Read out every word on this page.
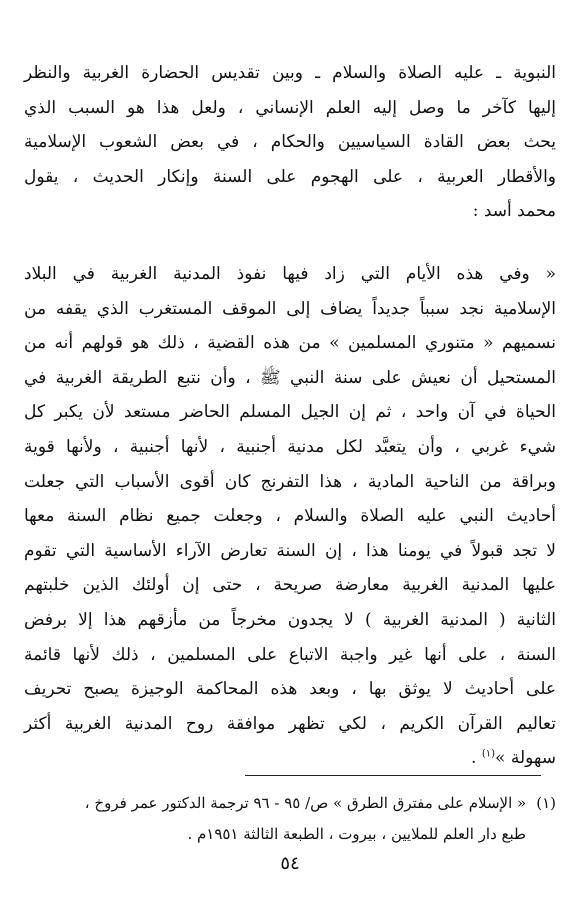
النبوية ـ عليه الصلاة والسلام ـ وبين تقديس الحضارة الغربية والنظر
إليها كآخر ما وصل إليه العلم الإنساني ، ولعل هذا هو السبب الذي
يحث بعض القادة السياسيين والحكام ، في بعض الشعوب الإسلامية
والأقطار العربية ، على الهجوم على السنة وإنكار الحديث ، يقول
محمد أسد :
« وفي هذه الأيام التي زاد فيها نفوذ المدنية الغربية في البلاد
الإسلامية نجد سبباً جديداً يضاف إلى الموقف المستغرب الذي يقفه من
نسميهم « متنوري المسلمين » من هذه القضية ، ذلك هو قولهم أنه من
المستحيل أن نعيش على سنة النبي ﷺ ، وأن نتبع الطريقة الغربية في
الحياة في آن واحد ، ثم إن الجيل المسلم الحاضر مستعد لأن يكبر كل
شيء غربي ، وأن يتعبَّد لكل مدنية أجنبية ، لأنها أجنبية ، ولأنها قوية
وبراقة من الناحية المادية ، هذا التفرنج كان أقوى الأسباب التي جعلت
أحاديث النبي عليه الصلاة والسلام ، وجعلت جميع نظام السنة معها
لا تجد قبولاً في يومنا هذا ، إن السنة تعارض الآراء الأساسية التي تقوم
عليها المدنية الغربية معارضة صريحة ، حتى إن أولئك الذين خلبتهم
الثانية ( المدنية الغربية ) لا يجدون مخرجاً من مأزقهم هذا إلا برفض
السنة ، على أنها غير واجبة الاتباع على المسلمين ، ذلك لأنها قائمة
على أحاديث لا يوثق بها ، وبعد هذه المحاكمة الوجيزة يصبح تحريف
تعاليم القرآن الكريم ، لكي تظهر موافقة روح المدنية الغربية أكثر
سهولة »$^{(١)}$ .
(١)« الإسلام على مفترق الطرق » ص/ ٩٥ - ٩٦ ترجمة الدكتور عمر فروخ ،
طبع دار العلم للملايين ، بيروت ، الطبعة الثالثة ١٩٥١م .
٥٤
